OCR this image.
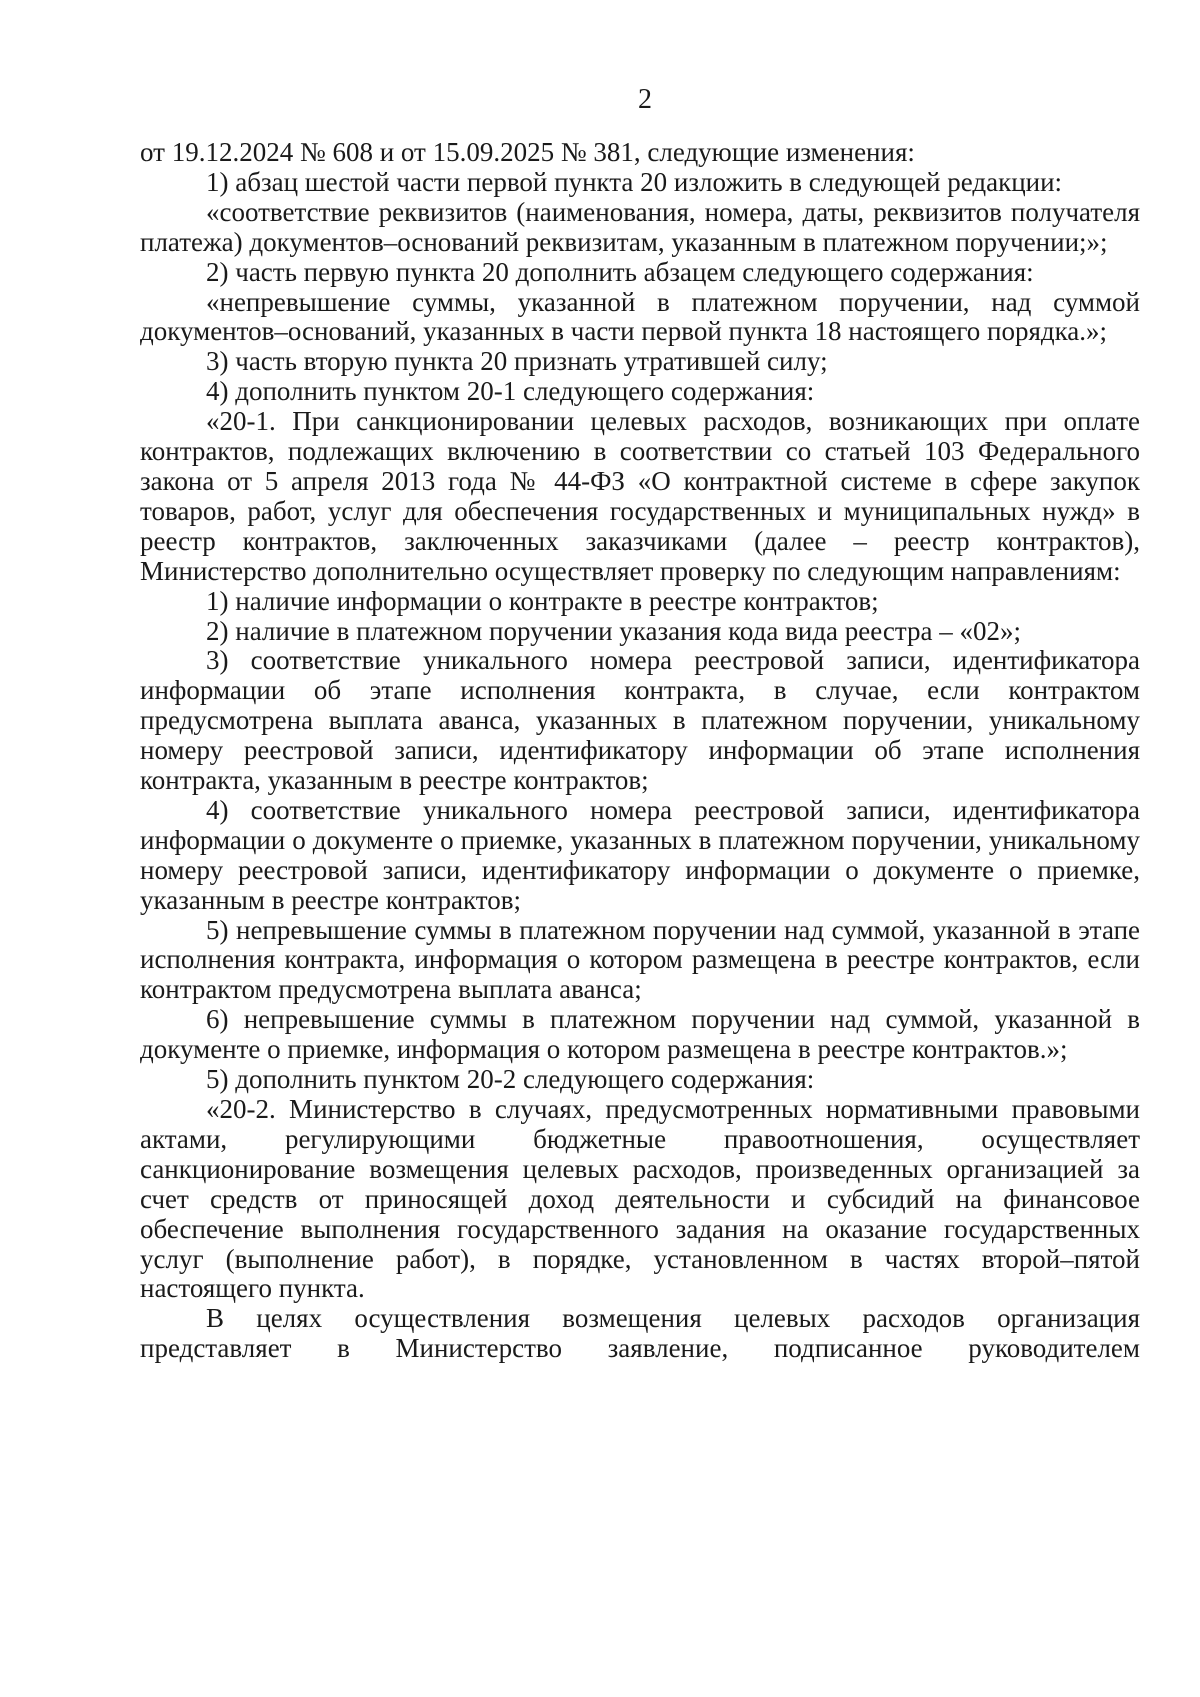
2

от 19.12.2024 № 608 и от 15.09.2025 № 381, следующие изменения:

1) абзац шестой части первой пункта 20 изложить в следующей редакции:

«соответствие реквизитов (наименования, номера, даты, реквизитов получателя платежа) документов–оснований реквизитам, указанным в платежном поручении;»;

2) часть первую пункта 20 дополнить абзацем следующего содержания:

«непревышение суммы, указанной в платежном поручении, над суммой документов–оснований, указанных в части первой пункта 18 настоящего порядка.»;

3) часть вторую пункта 20 признать утратившей силу;

4) дополнить пунктом 20-1 следующего содержания:

«20-1. При санкционировании целевых расходов, возникающих при оплате контрактов, подлежащих включению в соответствии со статьей 103 Федерального закона от 5 апреля 2013 года № 44-ФЗ «О контрактной системе в сфере закупок товаров, работ, услуг для обеспечения государственных и муниципальных нужд» в реестр контрактов, заключенных заказчиками (далее – реестр контрактов), Министерство дополнительно осуществляет проверку по следующим направлениям:

1) наличие информации о контракте в реестре контрактов;

2) наличие в платежном поручении указания кода вида реестра – «02»;

3) соответствие уникального номера реестровой записи, идентификатора информации об этапе исполнения контракта, в случае, если контрактом предусмотрена выплата аванса, указанных в платежном поручении, уникальному номеру реестровой записи, идентификатору информации об этапе исполнения контракта, указанным в реестре контрактов;

4) соответствие уникального номера реестровой записи, идентификатора информации о документе о приемке, указанных в платежном поручении, уникальному номеру реестровой записи, идентификатору информации о документе о приемке, указанным в реестре контрактов;

5) непревышение суммы в платежном поручении над суммой, указанной в этапе исполнения контракта, информация о котором размещена в реестре контрактов, если контрактом предусмотрена выплата аванса;

6) непревышение суммы в платежном поручении над суммой, указанной в документе о приемке, информация о котором размещена в реестре контрактов.»;

5) дополнить пунктом 20-2 следующего содержания:

«20-2. Министерство в случаях, предусмотренных нормативными правовыми актами, регулирующими бюджетные правоотношения, осуществляет санкционирование возмещения целевых расходов, произведенных организацией за счет средств от приносящей доход деятельности и субсидий на финансовое обеспечение выполнения государственного задания на оказание государственных услуг (выполнение работ), в порядке, установленном в частях второй–пятой настоящего пункта.

В целях осуществления возмещения целевых расходов организация представляет в Министерство заявление, подписанное руководителем
